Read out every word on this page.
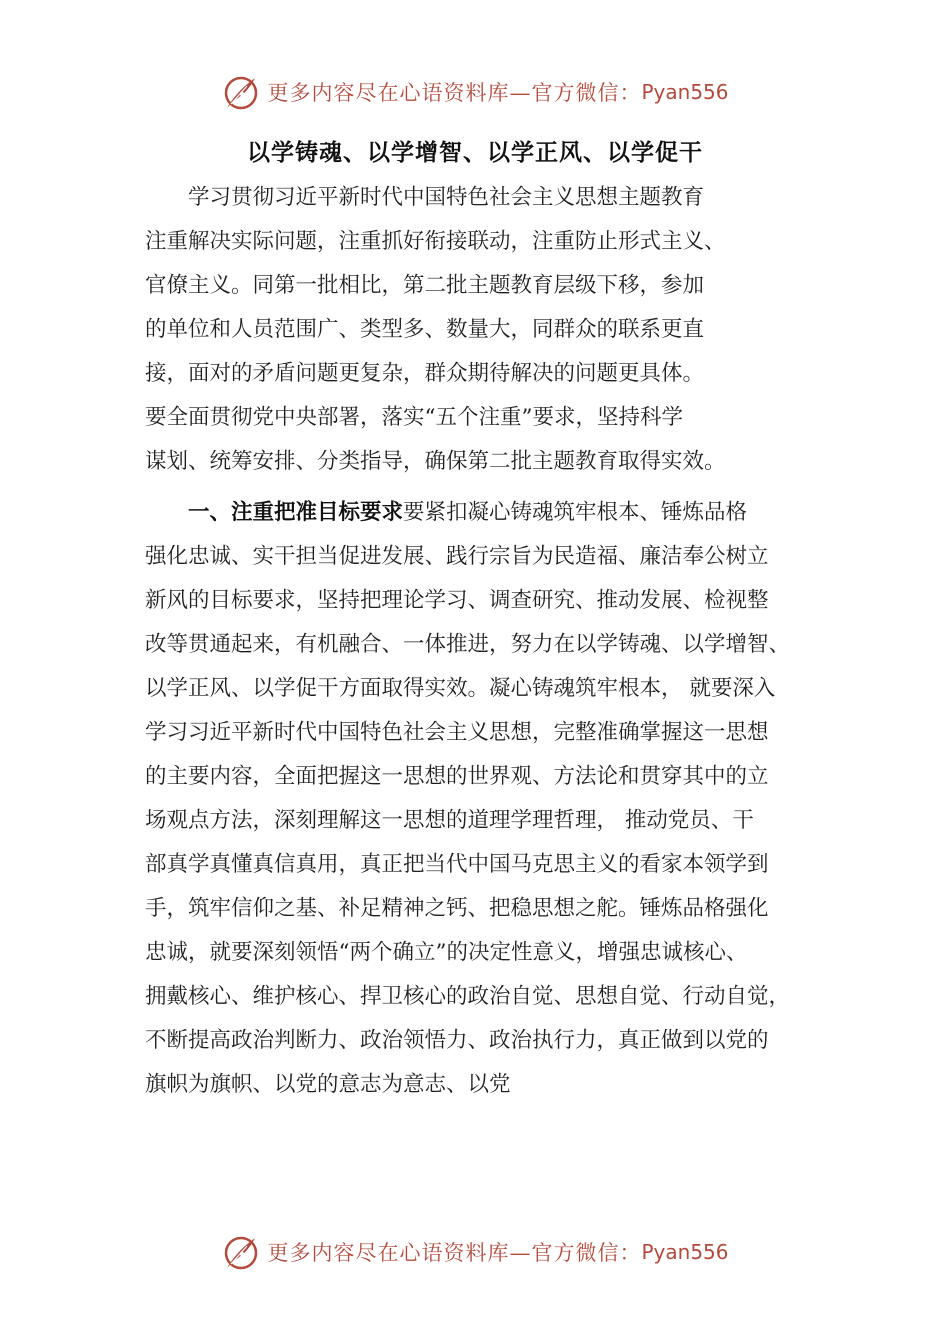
更多内容尽在心语资料库—官方微信： Pyan556
以学铸魂、以学增智、以学正风、以学促干
学习贯彻习近平新时代中国特色社会主义思想主题教育
注重解决实际问题，注重抓好衔接联动，注重防止形式主义、
官僚主义。同第一批相比，第二批主题教育层级下移，参加
的单位和人员范围广、类型多、数量大，同群众的联系更直
接，面对的矛盾问题更复杂，群众期待解决的问题更具体。
要全面贯彻党中央部署，落实“五个注重”要求，坚持科学
谋划、统筹安排、分类指导，确保第二批主题教育取得实效。
一、注重把准目标要求要紧扣凝心铸魂筑牢根本、锤炼品格
强化忠诚、实干担当促进发展、践行宗旨为民造福、廉洁奉公树立
新风的目标要求，坚持把理论学习、调查研究、推动发展、检视整
改等贯通起来，有机融合、一体推进，努力在以学铸魂、以学增智、
以学正风、以学促干方面取得实效。凝心铸魂筑牢根本， 就要深入
学习习近平新时代中国特色社会主义思想，完整准确掌握这一思想
的主要内容，全面把握这一思想的世界观、方法论和贯穿其中的立
场观点方法，深刻理解这一思想的道理学理哲理， 推动党员、干
部真学真懂真信真用，真正把当代中国马克思主义的看家本领学到
手，筑牢信仰之基、补足精神之钙、把稳思想之舵。锤炼品格强化
忠诚，就要深刻领悟“两个确立”的决定性意义，增强忠诚核心、
拥戴核心、维护核心、捍卫核心的政治自觉、思想自觉、行动自觉，
不断提高政治判断力、政治领悟力、政治执行力，真正做到以党的
旗帜为旗帜、以党的意志为意志、以党
更多内容尽在心语资料库—官方微信： Pyan556
